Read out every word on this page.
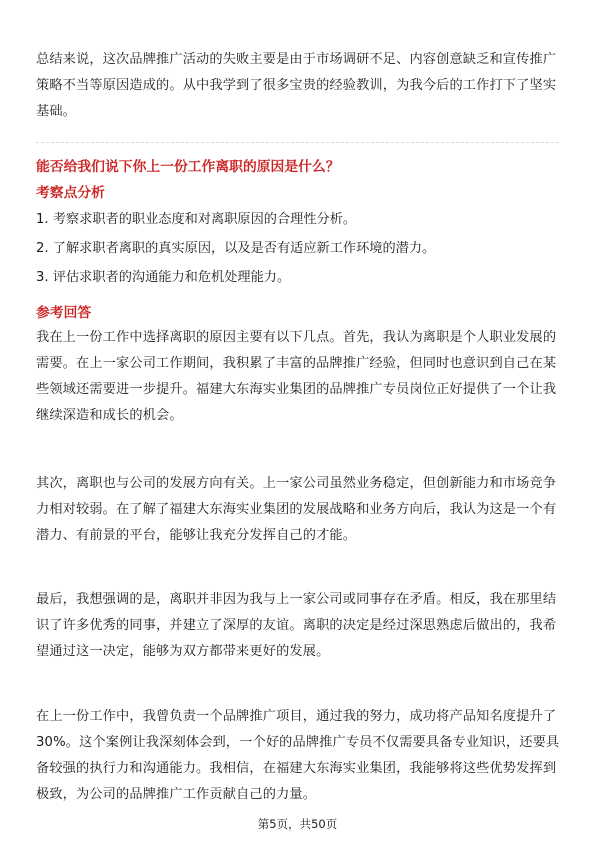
总结来说，这次品牌推广活动的失败主要是由于市场调研不足、内容创意缺乏和宣传推广策略不当等原因造成的。从中我学到了很多宝贵的经验教训，为我今后的工作打下了坚实基础。

能否给我们说下你上一份工作离职的原因是什么？

考察点分析

1. 考察求职者的职业态度和对离职原因的合理性分析。

2. 了解求职者离职的真实原因，以及是否有适应新工作环境的潜力。

3. 评估求职者的沟通能力和危机处理能力。

参考回答

我在上一份工作中选择离职的原因主要有以下几点。首先，我认为离职是个人职业发展的需要。在上一家公司工作期间，我积累了丰富的品牌推广经验，但同时也意识到自己在某些领域还需要进一步提升。福建大东海实业集团的品牌推广专员岗位正好提供了一个让我继续深造和成长的机会。

其次，离职也与公司的发展方向有关。上一家公司虽然业务稳定，但创新能力和市场竞争力相对较弱。在了解了福建大东海实业集团的发展战略和业务方向后，我认为这是一个有潜力、有前景的平台，能够让我充分发挥自己的才能。

最后，我想强调的是，离职并非因为我与上一家公司或同事存在矛盾。相反，我在那里结识了许多优秀的同事，并建立了深厚的友谊。离职的决定是经过深思熟虑后做出的，我希望通过这一决定，能够为双方都带来更好的发展。

在上一份工作中，我曾负责一个品牌推广项目，通过我的努力，成功将产品知名度提升了30%。这个案例让我深刻体会到，一个好的品牌推广专员不仅需要具备专业知识，还要具备较强的执行力和沟通能力。我相信，在福建大东海实业集团，我能够将这些优势发挥到极致，为公司的品牌推广工作贡献自己的力量。

第5页，共50页
